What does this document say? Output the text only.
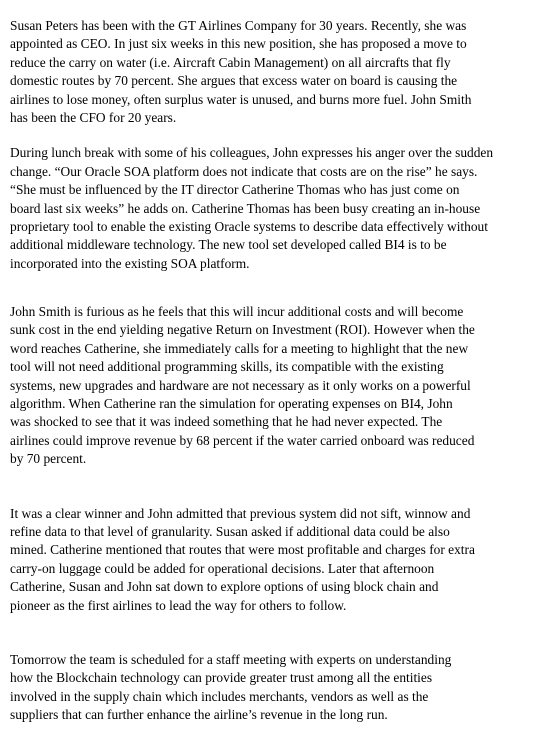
Susan Peters has been with the GT Airlines Company for 30 years. Recently, she was
appointed as CEO. In just six weeks in this new position, she has proposed a move to
reduce the carry on water (i.e. Aircraft Cabin Management) on all aircrafts that fly
domestic routes by 70 percent. She argues that excess water on board is causing the
airlines to lose money, often surplus water is unused, and burns more fuel. John Smith
has been the CFO for 20 years.

During lunch break with some of his colleagues, John expresses his anger over the sudden
change. “Our Oracle SOA platform does not indicate that costs are on the rise” he says.
“She must be influenced by the IT director Catherine Thomas who has just come on
board last six weeks” he adds on. Catherine Thomas has been busy creating an in-house
proprietary tool to enable the existing Oracle systems to describe data effectively without
additional middleware technology. The new tool set developed called BI4 is to be
incorporated into the existing SOA platform.

John Smith is furious as he feels that this will incur additional costs and will become
sunk cost in the end yielding negative Return on Investment (ROI). However when the
word reaches Catherine, she immediately calls for a meeting to highlight that the new
tool will not need additional programming skills, its compatible with the existing
systems, new upgrades and hardware are not necessary as it only works on a powerful
algorithm. When Catherine ran the simulation for operating expenses on BI4, John
was shocked to see that it was indeed something that he had never expected. The
airlines could improve revenue by 68 percent if the water carried onboard was reduced
by 70 percent.

It was a clear winner and John admitted that previous system did not sift, winnow and
refine data to that level of granularity. Susan asked if additional data could be also
mined. Catherine mentioned that routes that were most profitable and charges for extra
carry-on luggage could be added for operational decisions. Later that afternoon
Catherine, Susan and John sat down to explore options of using block chain and
pioneer as the first airlines to lead the way for others to follow.

Tomorrow the team is scheduled for a staff meeting with experts on understanding
how the Blockchain technology can provide greater trust among all the entities
involved in the supply chain which includes merchants, vendors as well as the
suppliers that can further enhance the airline’s revenue in the long run.
